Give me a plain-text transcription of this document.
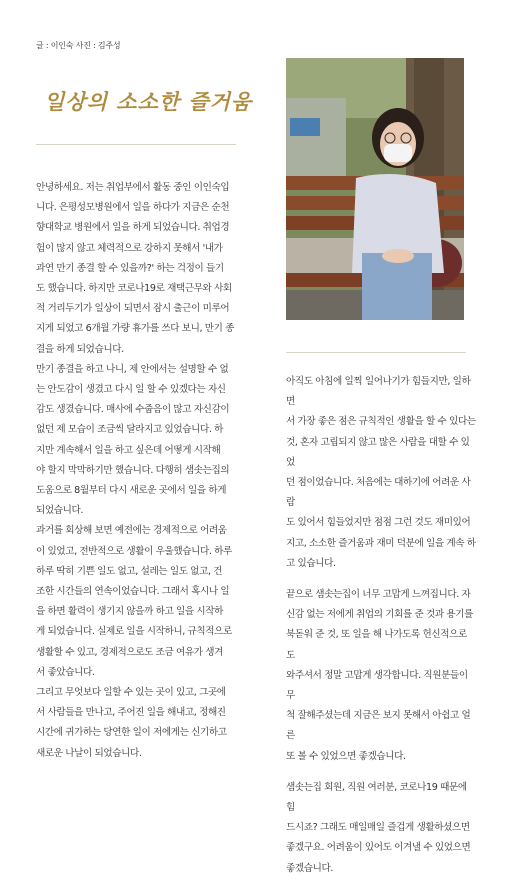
글 : 이인숙 사진 : 김주성
일상의 소소한 즐거움

안녕하세요. 저는 취업부에서 활동 중인 이인숙입

니다. 은평성모병원에서 일을 하다가 지금은 순천

향대학교 병원에서 일을 하게 되었습니다. 취업경

험이 많지 않고 체력적으로 강하지 못해서 '내가

과연 만기 종결 할 수 있을까?' 하는 걱정이 들기

도 했습니다. 하지만 코로나19로 재택근무와 사회

적 거리두기가 일상이 되면서 잠시 출근이 미루어

지게 되었고 6개월 가량 휴가를 쓰다 보니, 만기 종

결을 하게 되었습니다.

만기 종결을 하고 나니, 제 안에서는 설명할 수 없

는 안도감이 생겼고 다시 일 할 수 있겠다는 자신

감도 생겼습니다. 매사에 수줍음이 많고 자신감이

없던 제 모습이 조금씩 달라지고 있었습니다. 하

지만 계속해서 일을 하고 싶은데 어떻게 시작해

야 할지 막막하기만 했습니다. 다행히 샘솟는집의

도움으로 8월부터 다시 새로운 곳에서 일을 하게

되었습니다.

과거를 회상해 보면 예전에는 경제적으로 어려움

이 있었고, 전반적으로 생활이 우울했습니다. 하루

하루 딱히 기쁜 일도 없고, 설레는 일도 없고, 건

조한 시간들의 연속이었습니다. 그래서 혹시나 일

을 하면 활력이 생기지 않을까 하고 일을 시작하

게 되었습니다. 실제로 일을 시작하니, 규칙적으로

생활할 수 있고, 경제적으로도 조금 여유가 생겨

서 좋았습니다.

그리고 무엇보다 일할 수 있는 곳이 있고, 그곳에

서 사람들을 만나고, 주어진 일을 해내고, 정해진

시간에 귀가하는 당연한 일이 저에게는 신기하고

새로운 나날이 되었습니다.

아직도 아침에 일찍 일어나기가 힘들지만, 일하면

서 가장 좋은 점은 규칙적인 생활을 할 수 있다는

것, 혼자 고립되지 않고 많은 사람을 대할 수 있었

던 점이었습니다. 처음에는 대하기에 어려운 사람

도 있어서 힘들었지만 점점 그런 것도 재미있어

지고, 소소한 즐거움과 재미 덕분에 일을 계속 하

고 있습니다.

끝으로 샘솟는집이 너무 고맙게 느껴집니다. 자

신감 없는 저에게 취업의 기회를 준 것과 용기를

북돋워 준 것, 또 일을 해 나가도록 헌신적으로 도

와주셔서 정말 고맙게 생각합니다. 직원분들이 무

척 잘해주셨는데 지금은 보지 못해서 아쉽고 얼른

또 볼 수 있었으면 좋겠습니다.

샘솟는집 회원, 직원 여러분, 코로나19 때문에 힘

드시죠? 그래도 매일매일 즐겁게 생활하셨으면

좋겠구요. 어려움이 있어도 이겨낼 수 있었으면

좋겠습니다.
